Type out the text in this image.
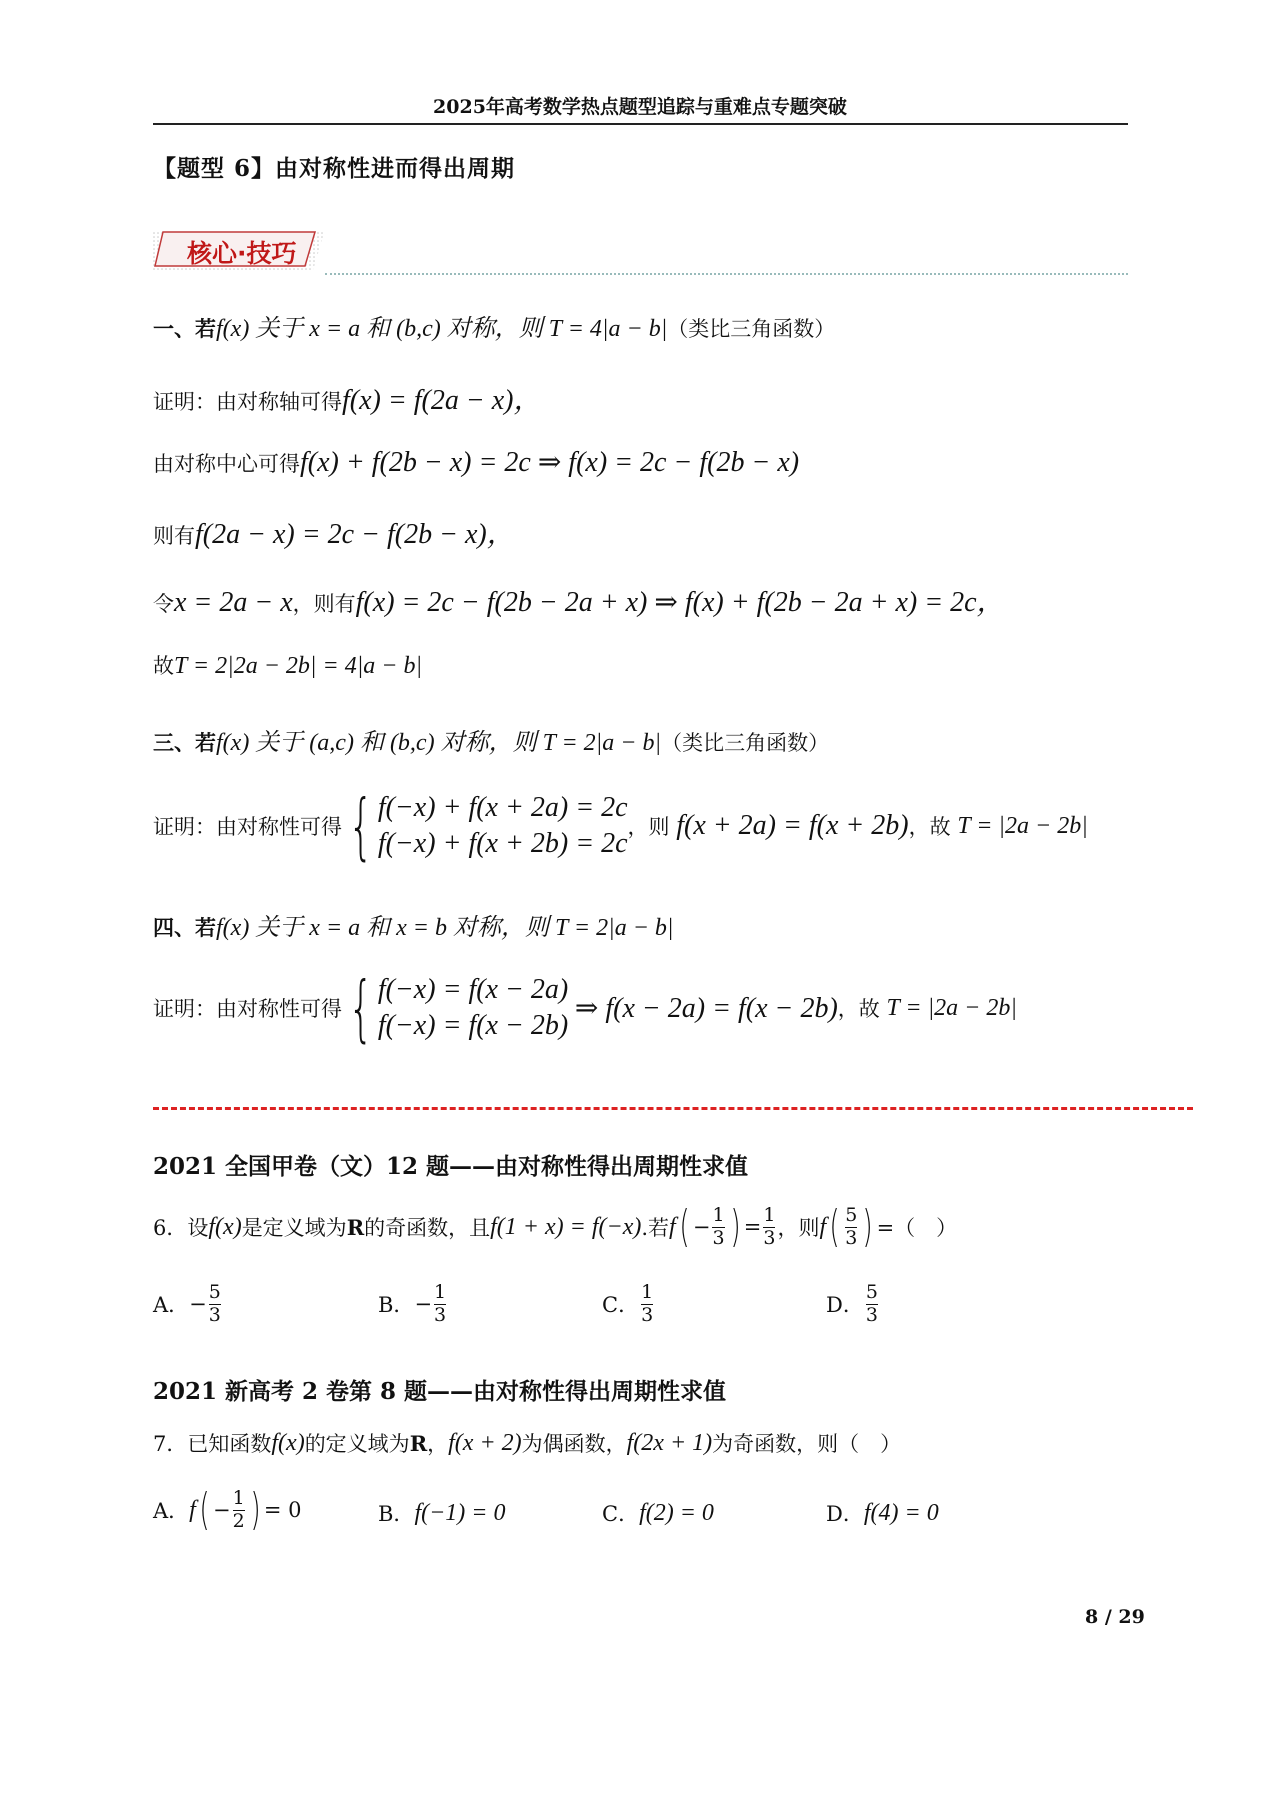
2025年高考数学热点题型追踪与重难点专题突破
【题型 6】由对称性进而得出周期
核心·技巧
一、若f(x) 关于 x = a 和 (b,c) 对称，则 T = 4|a − b|（类比三角函数）
证明：由对称轴可得f(x) = f(2a − x)，
由对称中心可得f(x) + f(2b − x) = 2c ⇒ f(x) = 2c − f(2b − x)
则有f(2a − x) = 2c − f(2b − x)，
令x = 2a − x，则有f(x) = 2c − f(2b − 2a + x) ⇒ f(x) + f(2b − 2a + x) = 2c，
故T = 2|2a − 2b| = 4|a − b|
三、若f(x) 关于 (a,c) 和 (b,c) 对称，则 T = 2|a − b|（类比三角函数）
证明：由对称性可得 { f(−x) + f(x + 2a) = 2c
f(−x) + f(x + 2b) = 2c
，则
f(x + 2a) = f(x + 2b) ，故
T = |2a − 2b|
四、若f(x) 关于 x = a 和 x = b 对称，则 T = 2|a − b|
证明：由对称性可得 { f(−x) = f(x − 2a)
f(−x) = f(x − 2b)

⇒ f(x − 2a) = f(x − 2b) ，故
T = |2a − 2b|
2021 全国甲卷（文）12 题——由对称性得出周期性求值
6．设 f(x) 是定义域为 R 的奇函数，且 f(1 + x) = f(−x) .若 f ( − $\frac{1}{3}$ ) = $\frac{1}{3}$ ，则 f ( $\frac{5}{3}$ ) =（　）
A． − $\frac{5}{3}$	B． − $\frac{1}{3}$	C． $\frac{1}{3}$	D． $\frac{5}{3}$
2021 新高考 2 卷第 8 题——由对称性得出周期性求值
7．已知函数 f(x) 的定义域为 R ， f(x + 2) 为偶函数， f(2x + 1) 为奇函数，则（　）
A． f ( − $\frac{1}{2}$ ) = 0	B． f(−1) = 0	C． f(2) = 0	D． f(4) = 0
8 / 29
